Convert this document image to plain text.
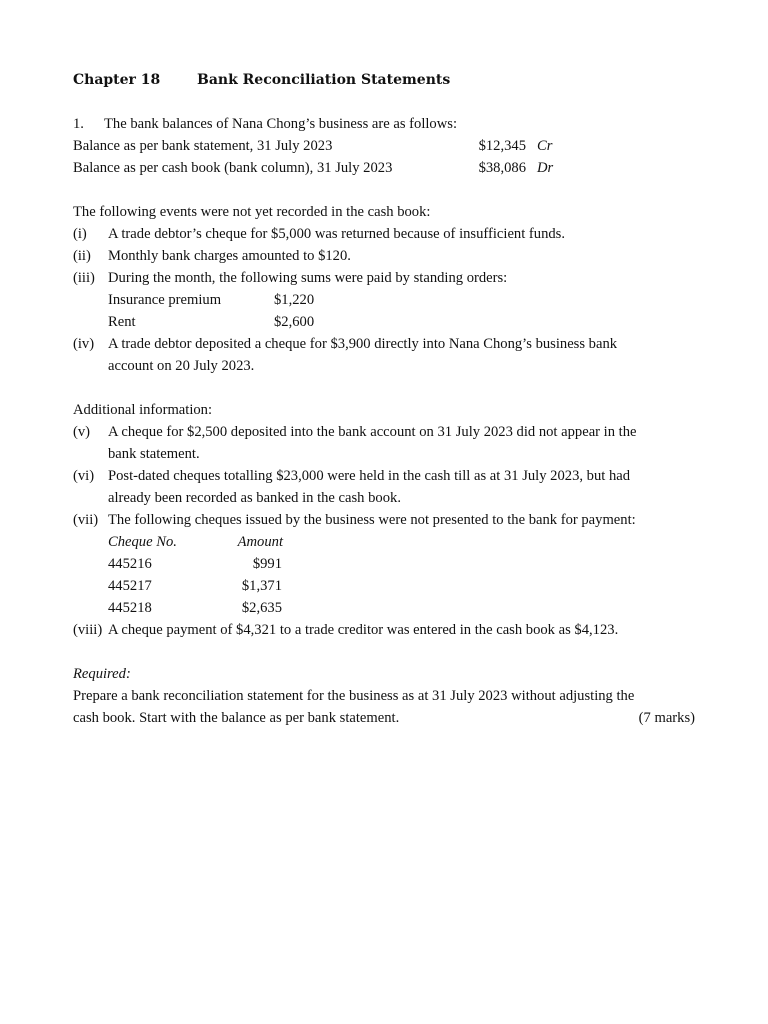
Chapter 18	Bank Reconciliation Statements
1. The bank balances of Nana Chong’s business are as follows:
Balance as per bank statement, 31 July 2023	$12,345 Cr
Balance as per cash book (bank column), 31 July 2023	$38,086 Dr
The following events were not yet recorded in the cash book:
(i) A trade debtor’s cheque for $5,000 was returned because of insufficient funds.
(ii) Monthly bank charges amounted to $120.
(iii) During the month, the following sums were paid by standing orders:
Insurance premium	$1,220
Rent	$2,600
(iv) A trade debtor deposited a cheque for $3,900 directly into Nana Chong’s business bank
account on 20 July 2023.
Additional information:
(v) A cheque for $2,500 deposited into the bank account on 31 July 2023 did not appear in the
bank statement.
(vi) Post-dated cheques totalling $23,000 were held in the cash till as at 31 July 2023, but had
already been recorded as banked in the cash book.
(vii) The following cheques issued by the business were not presented to the bank for payment:
Cheque No.	Amount
445216	$991
445217	$1,371
445218	$2,635
(viii) A cheque payment of $4,321 to a trade creditor was entered in the cash book as $4,123.
Required:
Prepare a bank reconciliation statement for the business as at 31 July 2023 without adjusting the
cash book. Start with the balance as per bank statement.	(7 marks)
